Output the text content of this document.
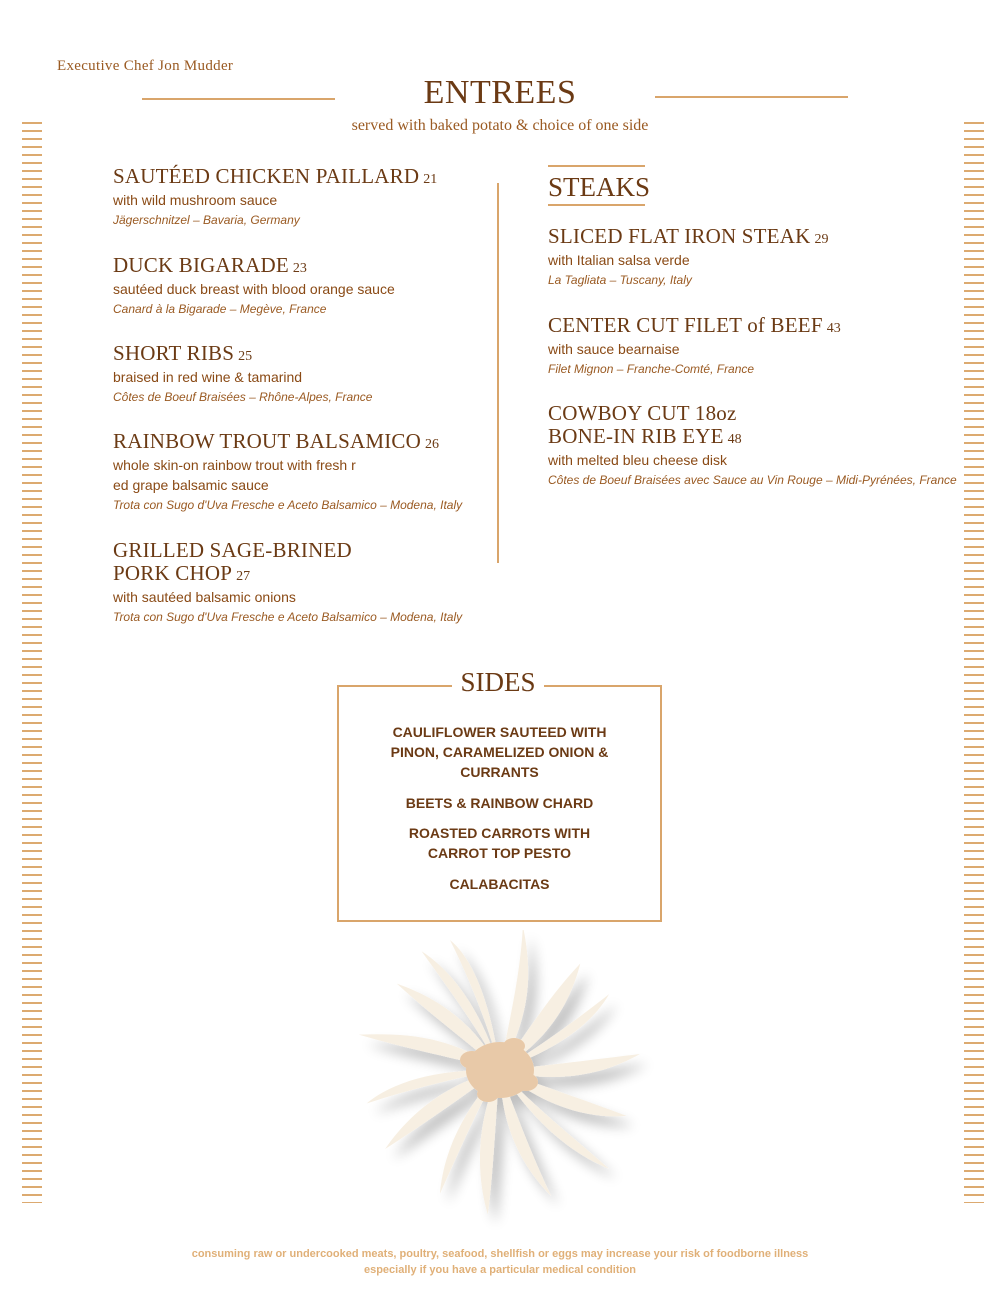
Executive Chef Jon Mudder
ENTREES
served with baked potato & choice of one side
SAUTÉED CHICKEN PAILLARD 21
with wild mushroom sauce
Jägerschnitzel – Bavaria, Germany
DUCK BIGARADE 23
sautéed duck breast with blood orange sauce
Canard à la Bigarade – Megève, France
SHORT RIBS 25
braised in red wine & tamarind
Côtes de Boeuf Braisées – Rhône-Alpes, France
RAINBOW TROUT BALSAMICO 26
whole skin-on rainbow trout with fresh r
ed grape balsamic sauce
Trota con Sugo d'Uva Fresche e Aceto Balsamico – Modena, Italy
GRILLED SAGE-BRINED
PORK CHOP 27
with sautéed balsamic onions
Trota con Sugo d'Uva Fresche e Aceto Balsamico – Modena, Italy
STEAKS
SLICED FLAT IRON STEAK 29
with Italian salsa verde
La Tagliata – Tuscany, Italy
CENTER CUT FILET of BEEF 43
with sauce bearnaise
Filet Mignon – Franche-Comté, France
COWBOY CUT 18oz
BONE-IN RIB EYE 48
with melted bleu cheese disk
Côtes de Boeuf Braisées avec Sauce au Vin Rouge – Midi-Pyrénées, France
SIDES
CAULIFLOWER SAUTEED WITH
PINON, CARAMELIZED ONION &
CURRANTS
BEETS & RAINBOW CHARD
ROASTED CARROTS WITH
CARROT TOP PESTO
CALABACITAS
consuming raw or undercooked meats, poultry, seafood, shellfish or eggs may increase your risk of foodborne illness
especially if you have a particular medical condition
